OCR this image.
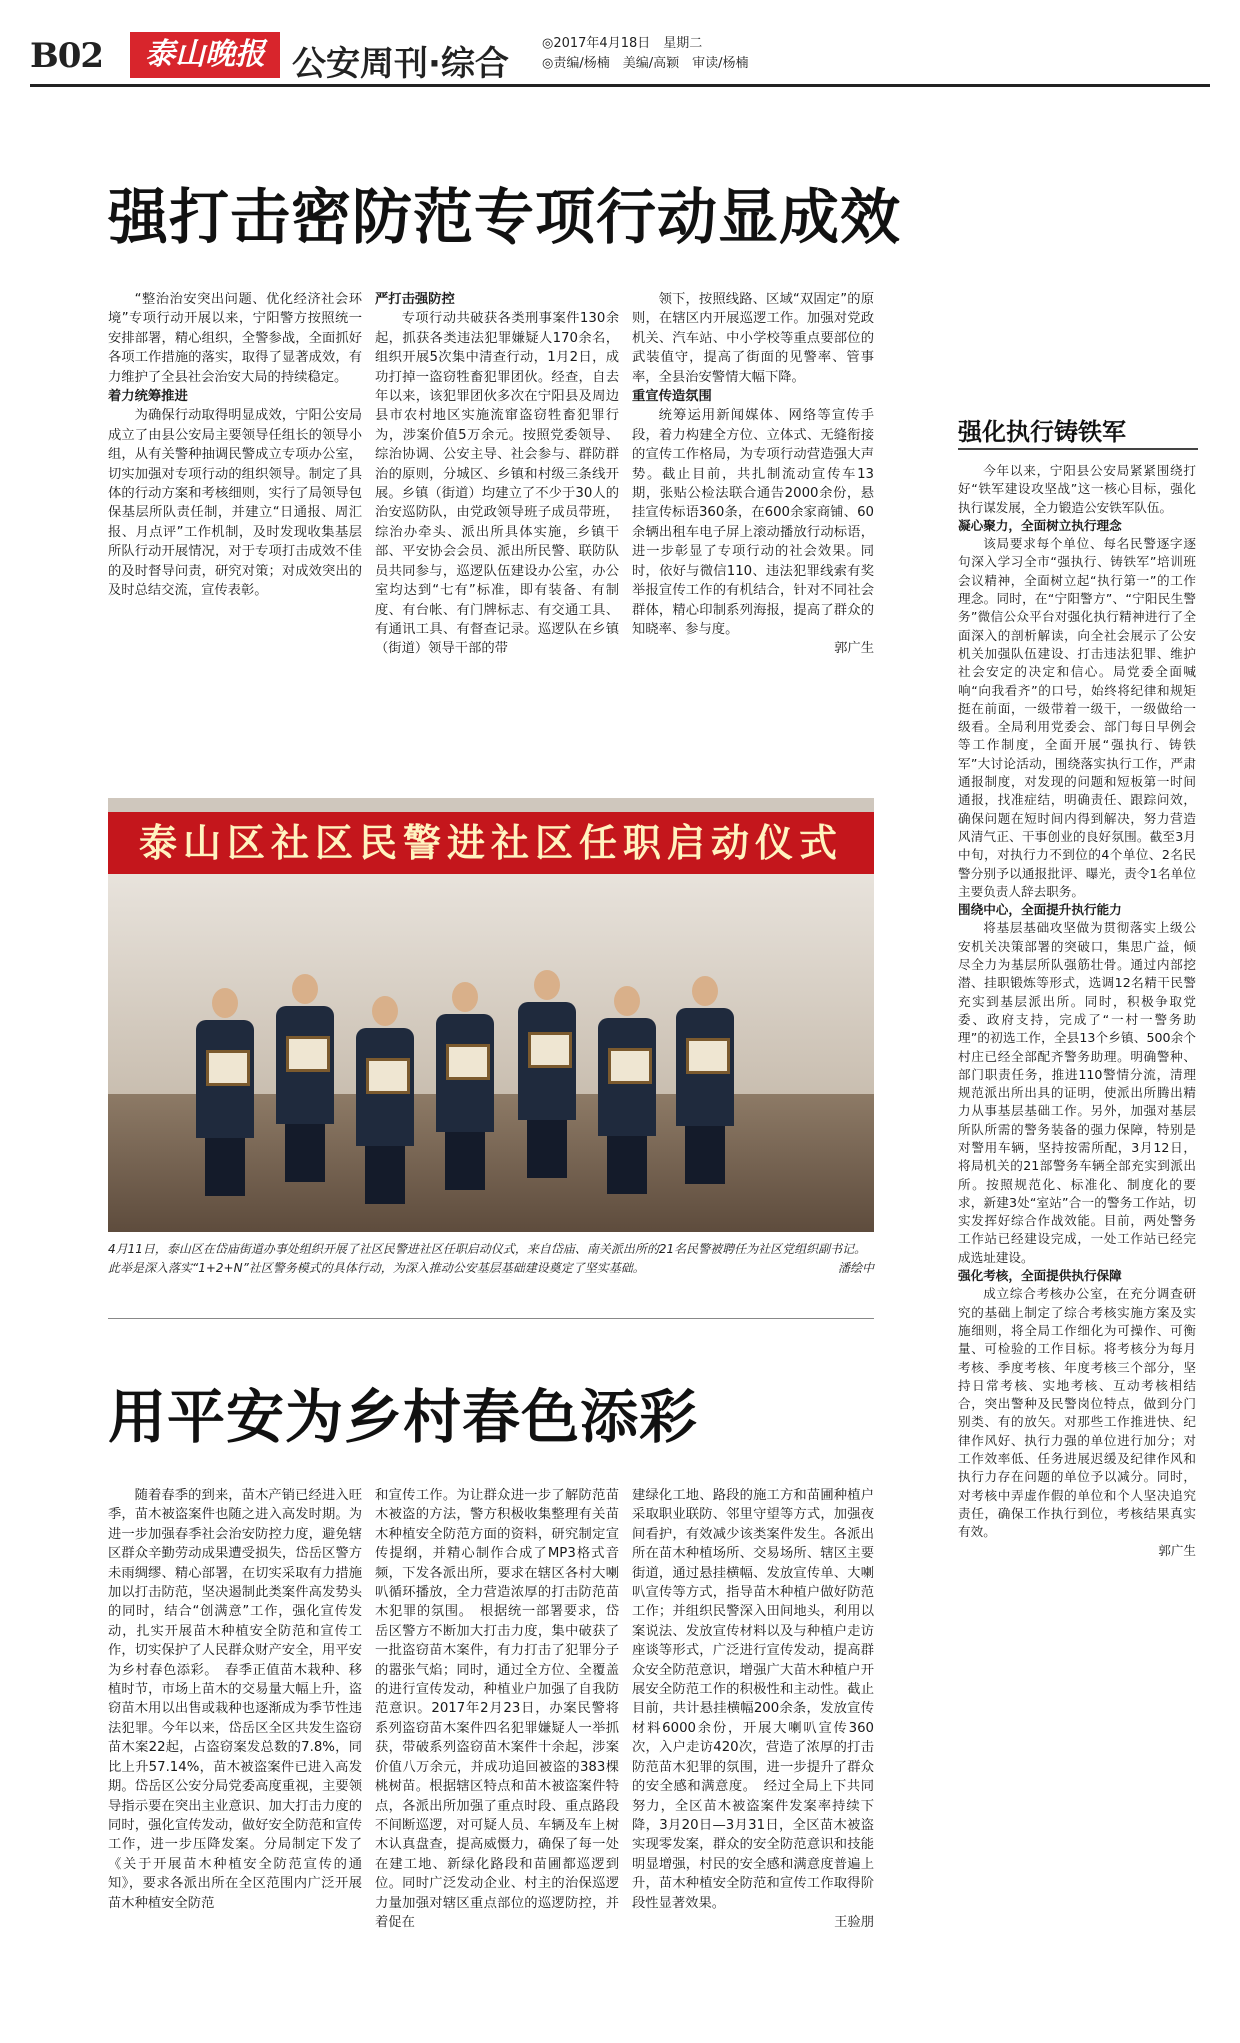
B02	泰山晚报 公安周刊·综合
◎2017年4月18日　星期二
◎责编/杨楠　美编/高颖　审读/杨楠
强打击密防范专项行动显成效

“整治治安突出问题、优化经济社会环境”专项行动开展以来，宁阳警方按照统一安排部署，精心组织，全警参战，全面抓好各项工作措施的落实，取得了显著成效，有力维护了全县社会治安大局的持续稳定。

着力统筹推进

为确保行动取得明显成效，宁阳公安局成立了由县公安局主要领导任组长的领导小组，从有关警种抽调民警成立专项办公室，切实加强对专项行动的组织领导。制定了具体的行动方案和考核细则，实行了局领导包保基层所队责任制，并建立“日通报、周汇报、月点评”工作机制，及时发现收集基层所队行动开展情况，对于专项打击成效不佳的及时督导问责，研究对策；对成效突出的及时总结交流，宣传表彰。

严打击强防控

专项行动共破获各类刑事案件130余起，抓获各类违法犯罪嫌疑人170余名，组织开展5次集中清查行动，1月2日，成功打掉一盗窃牲畜犯罪团伙。经查，自去年以来，该犯罪团伙多次在宁阳县及周边县市农村地区实施流窜盗窃牲畜犯罪行为，涉案价值5万余元。按照党委领导、综治协调、公安主导、社会参与、群防群治的原则，分城区、乡镇和村级三条线开展。乡镇（街道）均建立了不少于30人的治安巡防队，由党政领导班子成员带班，综治办牵头、派出所具体实施，乡镇干部、平安协会会员、派出所民警、联防队员共同参与，巡逻队伍建设办公室，办公室均达到“七有”标准，即有装备、有制度、有台帐、有门牌标志、有交通工具、有通讯工具、有督查记录。巡逻队在乡镇（街道）领导干部的带

领下，按照线路、区域“双固定”的原则，在辖区内开展巡逻工作。加强对党政机关、汽车站、中小学校等重点要部位的武装值守，提高了街面的见警率、管事率，全县治安警情大幅下降。

重宣传造氛围

统筹运用新闻媒体、网络等宣传手段，着力构建全方位、立体式、无缝衔接的宣传工作格局，为专项行动营造强大声势。截止目前，共扎制流动宣传车13期，张贴公检法联合通告2000余份，悬挂宣传标语360条，在600余家商铺、60余辆出租车电子屏上滚动播放行动标语，进一步彰显了专项行动的社会效果。同时，依好与微信110、违法犯罪线索有奖举报宣传工作的有机结合，针对不同社会群体，精心印制系列海报，提高了群众的知晓率、参与度。

郭广生

强化执行铸铁军

今年以来，宁阳县公安局紧紧围绕打好“铁军建设攻坚战”这一核心目标，强化执行谋发展，全力锻造公安铁军队伍。

凝心聚力，全面树立执行理念

该局要求每个单位、每名民警逐字逐句深入学习全市“强执行、铸铁军”培训班会议精神，全面树立起“执行第一”的工作理念。同时，在“宁阳警方”、“宁阳民生警务”微信公众平台对强化执行精神进行了全面深入的剖析解读，向全社会展示了公安机关加强队伍建设、打击违法犯罪、维护社会安定的决定和信心。局党委全面喊响“向我看齐”的口号，始终将纪律和规矩挺在前面，一级带着一级干，一级做给一级看。全局利用党委会、部门每日早例会等工作制度，全面开展“强执行、铸铁军”大讨论活动，围绕落实执行工作，严肃通报制度，对发现的问题和短板第一时间通报，找准症结，明确责任、跟踪问效，确保问题在短时间内得到解决，努力营造风清气正、干事创业的良好氛围。截至3月中旬，对执行力不到位的4个单位、2名民警分别予以通报批评、曝光，责令1名单位主要负责人辞去职务。

围绕中心，全面提升执行能力

将基层基础攻坚做为贯彻落实上级公安机关决策部署的突破口，集思广益，倾尽全力为基层所队强筋壮骨。通过内部挖潜、挂职锻炼等形式，选调12名精干民警充实到基层派出所。同时，积极争取党委、政府支持，完成了“一村一警务助理”的初选工作，全县13个乡镇、500余个村庄已经全部配齐警务助理。明确警种、部门职责任务，推进110警情分流，清理规范派出所出具的证明，使派出所腾出精力从事基层基础工作。另外，加强对基层所队所需的警务装备的强力保障，特别是对警用车辆，坚持按需所配，3月12日，将局机关的21部警务车辆全部充实到派出所。按照规范化、标准化、制度化的要求，新建3处“室站”合一的警务工作站，切实发挥好综合作战效能。目前，两处警务工作站已经建设完成，一处工作站已经完成选址建设。

强化考核，全面提供执行保障

成立综合考核办公室，在充分调查研究的基础上制定了综合考核实施方案及实施细则，将全局工作细化为可操作、可衡量、可检验的工作目标。将考核分为每月考核、季度考核、年度考核三个部分，坚持日常考核、实地考核、互动考核相结合，突出警种及民警岗位特点，做到分门别类、有的放矢。对那些工作推进快、纪律作风好、执行力强的单位进行加分；对工作效率低、任务进展迟缓及纪律作风和执行力存在问题的单位予以减分。同时，对考核中弄虚作假的单位和个人坚决追究责任，确保工作执行到位，考核结果真实有效。

郭广生

泰山区社区民警进社区任职启动仪式
4月11日，泰山区在岱庙街道办事处组织开展了社区民警进社区任职启动仪式，来自岱庙、南关派出所的21名民警被聘任为社区党组织副书记。此举是深入落实“1+2+N”社区警务模式的具体行动，为深入推动公安基层基础建设奠定了坚实基础。	潘绘中
用平安为乡村春色添彩

随着春季的到来，苗木产销已经进入旺季，苗木被盗案件也随之进入高发时期。为进一步加强春季社会治安防控力度，避免辖区群众辛勤劳动成果遭受损失，岱岳区警方未雨绸缪、精心部署，在切实采取有力措施加以打击防范，坚决遏制此类案件高发势头的同时，结合“创满意”工作，强化宣传发动，扎实开展苗木种植安全防范和宣传工作，切实保护了人民群众财产安全，用平安为乡村春色添彩。　春季正值苗木栽种、移植时节，市场上苗木的交易量大幅上升，盗窃苗木用以出售或栽种也逐渐成为季节性违法犯罪。今年以来，岱岳区全区共发生盗窃苗木案22起，占盗窃案发总数的7.8%，同比上升57.14%，苗木被盗案件已进入高发期。岱岳区公安分局党委高度重视，主要领导指示要在突出主业意识、加大打击力度的同时，强化宣传发动，做好安全防范和宣传工作，进一步压降发案。分局制定下发了《关于开展苗木种植安全防范宣传的通知》，要求各派出所在全区范围内广泛开展苗木种植安全防范

和宣传工作。为让群众进一步了解防范苗木被盗的方法，警方积极收集整理有关苗木种植安全防范方面的资料，研究制定宣传提纲，并精心制作合成了MP3格式音频，下发各派出所，要求在辖区各村大喇叭循环播放，全力营造浓厚的打击防范苗木犯罪的氛围。　根据统一部署要求，岱岳区警方不断加大打击力度，集中破获了一批盗窃苗木案件，有力打击了犯罪分子的嚣张气焰；同时，通过全方位、全覆盖的进行宣传发动，种植业户加强了自我防范意识。2017年2月23日，办案民警将系列盗窃苗木案件四名犯罪嫌疑人一举抓获，带破系列盗窃苗木案件十余起，涉案价值八万余元，并成功追回被盗的383棵桃树苗。根据辖区特点和苗木被盗案件特点，各派出所加强了重点时段、重点路段不间断巡逻，对可疑人员、车辆及车上树木认真盘查，提高威慑力，确保了每一处在建工地、新绿化路段和苗圃都巡逻到位。同时广泛发动企业、村主的治保巡逻力量加强对辖区重点部位的巡逻防控，并着促在

建绿化工地、路段的施工方和苗圃种植户采取职业联防、邻里守望等方式，加强夜间看护，有效减少该类案件发生。各派出所在苗木种植场所、交易场所、辖区主要街道，通过悬挂横幅、发放宣传单、大喇叭宣传等方式，指导苗木种植户做好防范工作；并组织民警深入田间地头，利用以案说法、发放宣传材料以及与种植户走访座谈等形式，广泛进行宣传发动，提高群众安全防范意识，增强广大苗木种植户开展安全防范工作的积极性和主动性。截止目前，共计悬挂横幅200余条，发放宣传材料6000余份，开展大喇叭宣传360次，入户走访420次，营造了浓厚的打击防范苗木犯罪的氛围，进一步提升了群众的安全感和满意度。　经过全局上下共同努力，全区苗木被盗案件发案率持续下降，3月20日—3月31日，全区苗木被盗实现零发案，群众的安全防范意识和技能明显增强，村民的安全感和满意度普遍上升，苗木种植安全防范和宣传工作取得阶段性显著效果。

王验朋
